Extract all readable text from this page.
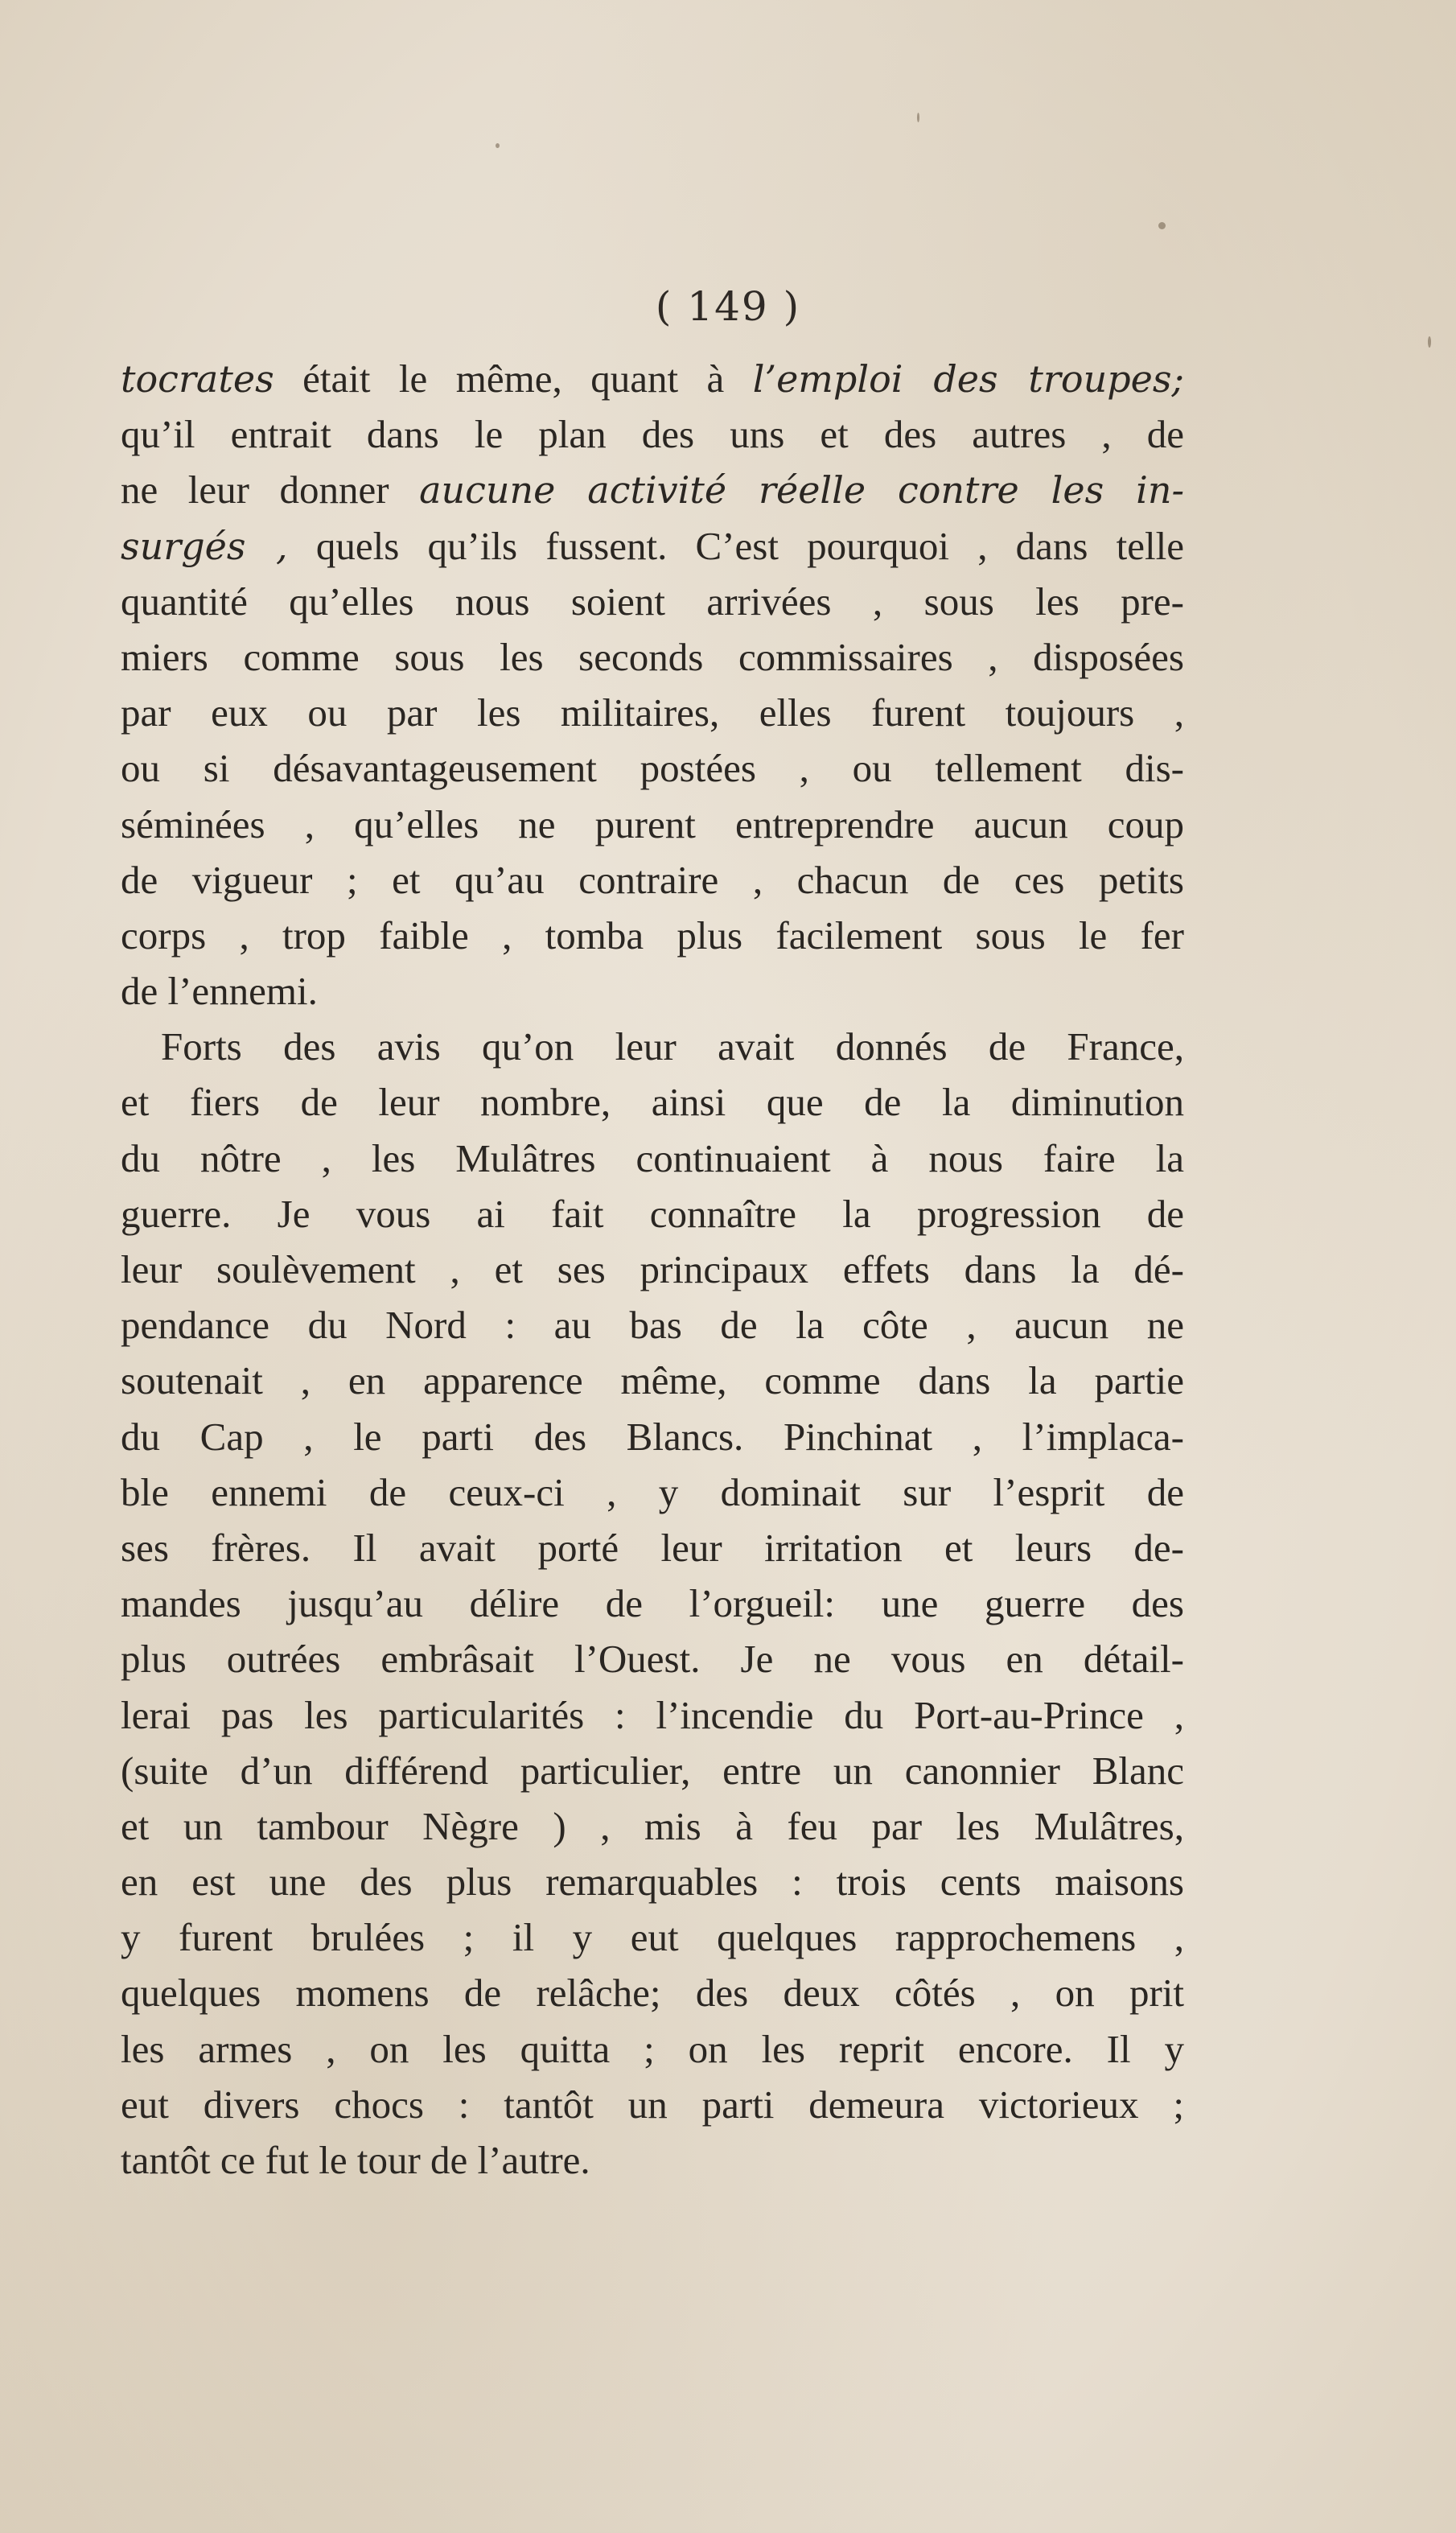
( 149 )
tocrates était le même, quant à l’emploi des troupes;
qu’il entrait dans le plan des uns et des autres , de
ne leur donner aucune activité réelle contre les in-
surgés , quels qu’ils fussent. C’est pourquoi , dans telle
quantité qu’elles nous soient arrivées , sous les pre-
miers comme sous les seconds commissaires , disposées
par eux ou par les militaires, elles furent toujours ,
ou si désavantageusement postées , ou tellement dis-
séminées , qu’elles ne purent entreprendre aucun coup
de vigueur ; et qu’au contraire , chacun de ces petits
corps , trop faible , tomba plus facilement sous le fer
de l’ennemi.
Forts des avis qu’on leur avait donnés de France,
et fiers de leur nombre, ainsi que de la diminution
du nôtre , les Mulâtres continuaient à nous faire la
guerre. Je vous ai fait connaître la progression de
leur soulèvement , et ses principaux effets dans la dé-
pendance du Nord : au bas de la côte , aucun ne
soutenait , en apparence même, comme dans la partie
du Cap , le parti des Blancs. Pinchinat , l’implaca-
ble ennemi de ceux-ci , y dominait sur l’esprit de
ses frères. Il avait porté leur irritation et leurs de-
mandes jusqu’au délire de l’orgueil: une guerre des
plus outrées embrâsait l’Ouest. Je ne vous en détail-
lerai pas les particularités : l’incendie du Port-au-Prince ,
(suite d’un différend particulier, entre un canonnier Blanc
et un tambour Nègre ) , mis à feu par les Mulâtres,
en est une des plus remarquables : trois cents maisons
y furent brulées ; il y eut quelques rapprochemens ,
quelques momens de relâche; des deux côtés , on prit
les armes , on les quitta ; on les reprit encore. Il y
eut divers chocs : tantôt un parti demeura victorieux ;
tantôt ce fut le tour de l’autre.
